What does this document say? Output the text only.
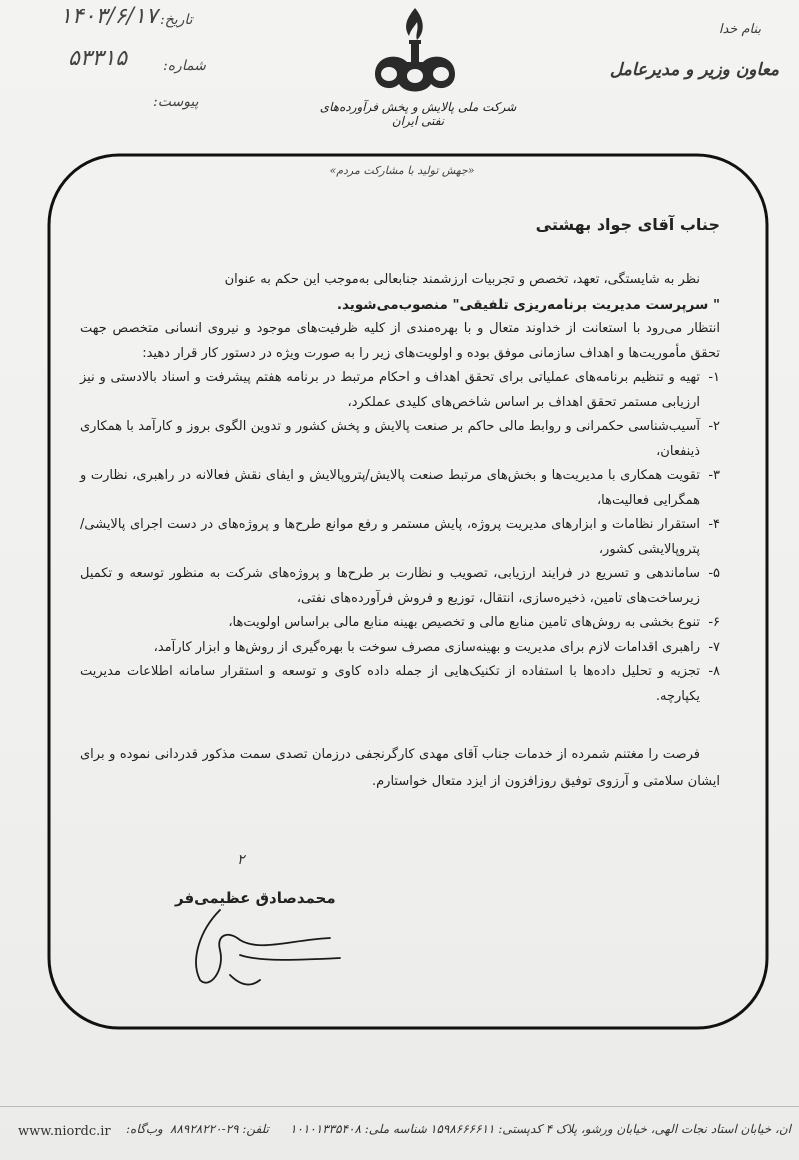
بنام خدا
معاون وزیر و مدیرعامل
شرکت ملی پالایش و پخش فرآورده‌های نفتی ایران
تاریخ:
۱۴۰۳/۶/۱۷
شماره:
۵۳۳۱۵
پیوست:
«جهش تولید با مشارکت مردم»

جناب آقای جواد بهشتی

نظر به شایستگی، تعهد، تخصص و تجربیات ارزشمند جنابعالی به‌موجب این حکم به عنوان

" سرپرست مدیریت برنامه‌ریزی تلفیقی" منصوب‌می‌شوید.

انتظار می‌رود با استعانت از خداوند متعال و با بهره‌مندی از کلیه ظرفیت‌های موجود و نیروی انسانی متخصص جهت تحقق مأموریت‌ها و اهداف سازمانی موفق بوده و اولویت‌های زیر را به صورت ویژه در دستور کار قرار دهید:

۱-
تهیه و تنظیم برنامه‌های عملیاتی برای تحقق اهداف و احکام مرتبط در برنامه هفتم پیشرفت و اسناد بالادستی و نیز ارزیابی مستمر تحقق اهداف بر اساس شاخص‌های کلیدی عملکرد،
۲-
آسیب‌شناسی حکمرانی و روابط مالی حاکم بر صنعت پالایش و پخش کشور و تدوین الگوی بروز و کارآمد با همکاری ذینفعان،
۳-
تقویت همکاری با مدیریت‌ها و بخش‌های مرتبط صنعت پالایش/پتروپالایش و ایفای نقش فعالانه در راهبری، نظارت و همگرایی فعالیت‌ها،
۴-
استقرار نظامات و ابزارهای مدیریت پروژه، پایش مستمر و رفع موانع طرح‌ها و پروژه‌های در دست اجرای پالایشی/پتروپالایشی کشور،
۵-
ساماندهی و تسریع در فرایند ارزیابی، تصویب و نظارت بر طرح‌ها و پروژه‌های شرکت به منظور توسعه و تکمیل زیرساخت‌های تامین، ذخیره‌سازی، انتقال، توزیع و فروش فرآورده‌های نفتی،
۶-
تنوع بخشی به روش‌های تامین منابع مالی و تخصیص بهینه منابع مالی براساس اولویت‌ها،
۷-
راهبری اقدامات لازم برای مدیریت و بهینه‌سازی مصرف سوخت با بهره‌گیری از روش‌ها و ابزار کارآمد،
۸-
تجزیه و تحلیل داده‌ها با استفاده از تکنیک‌هایی از جمله داده کاوی و توسعه و استقرار سامانه اطلاعات مدیریت یکپارچه.

فرصت را مغتنم شمرده از خدمات جناب آقای مهدی کارگرنجفی درزمان تصدی سمت مذکور قدردانی نموده و برای ایشان سلامتی و آرزوی توفیق روزافزون از ایزد متعال خواستارم.

۲
محمدصادق عظیمی‌فر
ان، خیابان استاد نجات الهی، خیابان ورشو، پلاک ۴
کدپستی: ۱۵۹۸۶۶۶۶۱۱
شناسه ملی: ۱۰۱۰۱۳۳۵۴۰۸
تلفن: ۲۹-۸۸۹۲۸۲۲۰
وب‌گاه:
www.niordc.ir
